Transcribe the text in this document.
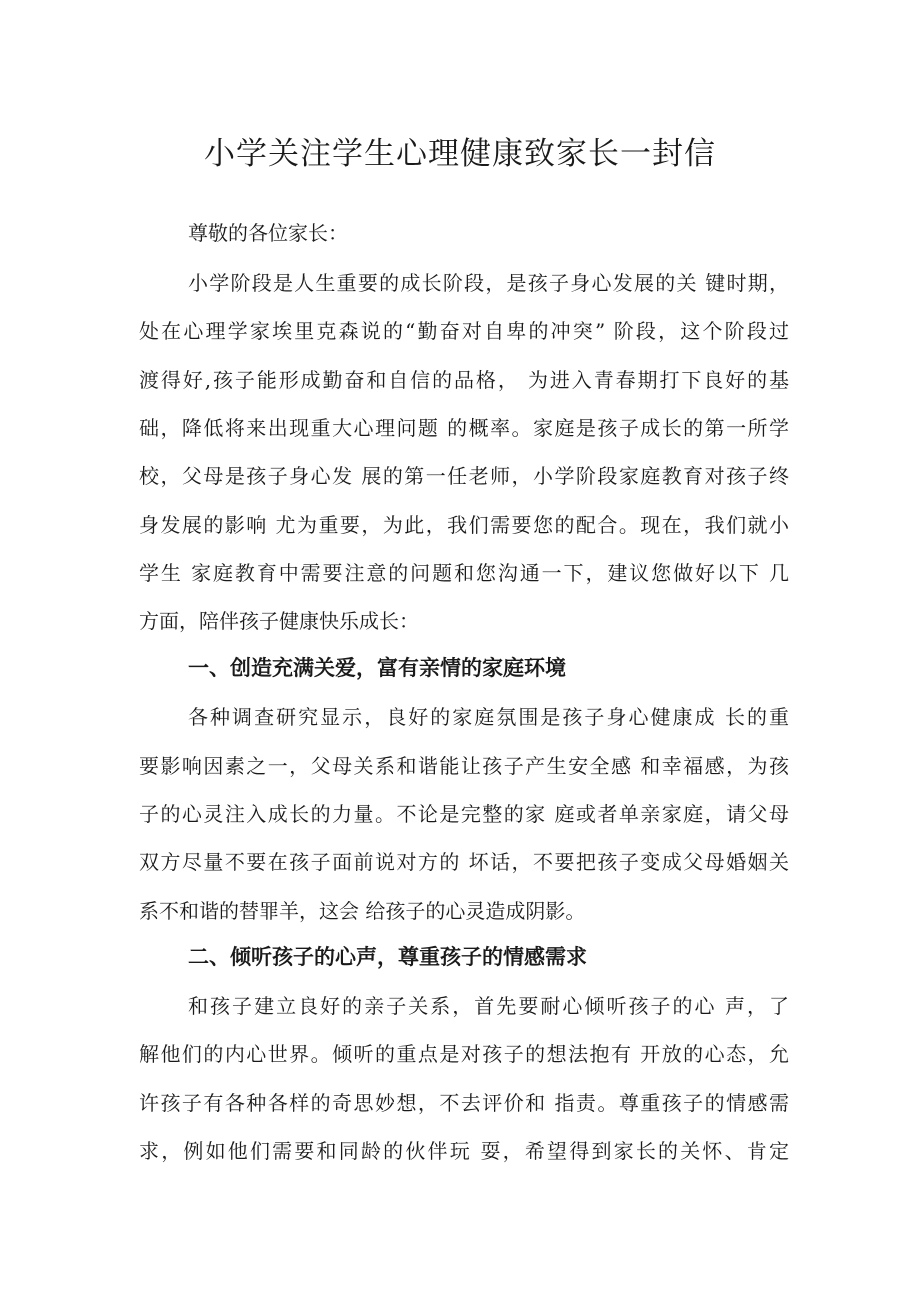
小学关注学生心理健康致家长一封信

尊敬的各位家长：

小学阶段是人生重要的成长阶段，是孩子身心发展的关 键时期，

处在心理学家埃里克森说的“勤奋对自卑的冲突” 阶段，这个阶段过

渡得好,孩子能形成勤奋和自信的品格， 为进入青春期打下良好的基

础，降低将来出现重大心理问题 的概率。家庭是孩子成长的第一所学

校，父母是孩子身心发 展的第一任老师，小学阶段家庭教育对孩子终

身发展的影响 尤为重要，为此，我们需要您的配合。现在，我们就小

学生 家庭教育中需要注意的问题和您沟通一下，建议您做好以下 几

方面，陪伴孩子健康快乐成长：

一、创造充满关爱，富有亲情的家庭环境

各种调查研究显示，良好的家庭氛围是孩子身心健康成 长的重

要影响因素之一，父母关系和谐能让孩子产生安全感 和幸福感，为孩

子的心灵注入成长的力量。不论是完整的家 庭或者单亲家庭，请父母

双方尽量不要在孩子面前说对方的 坏话，不要把孩子变成父母婚姻关

系不和谐的替罪羊，这会 给孩子的心灵造成阴影。

二、倾听孩子的心声，尊重孩子的情感需求

和孩子建立良好的亲子关系，首先要耐心倾听孩子的心 声，了

解他们的内心世界。倾听的重点是对孩子的想法抱有 开放的心态，允

许孩子有各种各样的奇思妙想，不去评价和 指责。尊重孩子的情感需

求，例如他们需要和同龄的伙伴玩 耍，希望得到家长的关怀、肯定
